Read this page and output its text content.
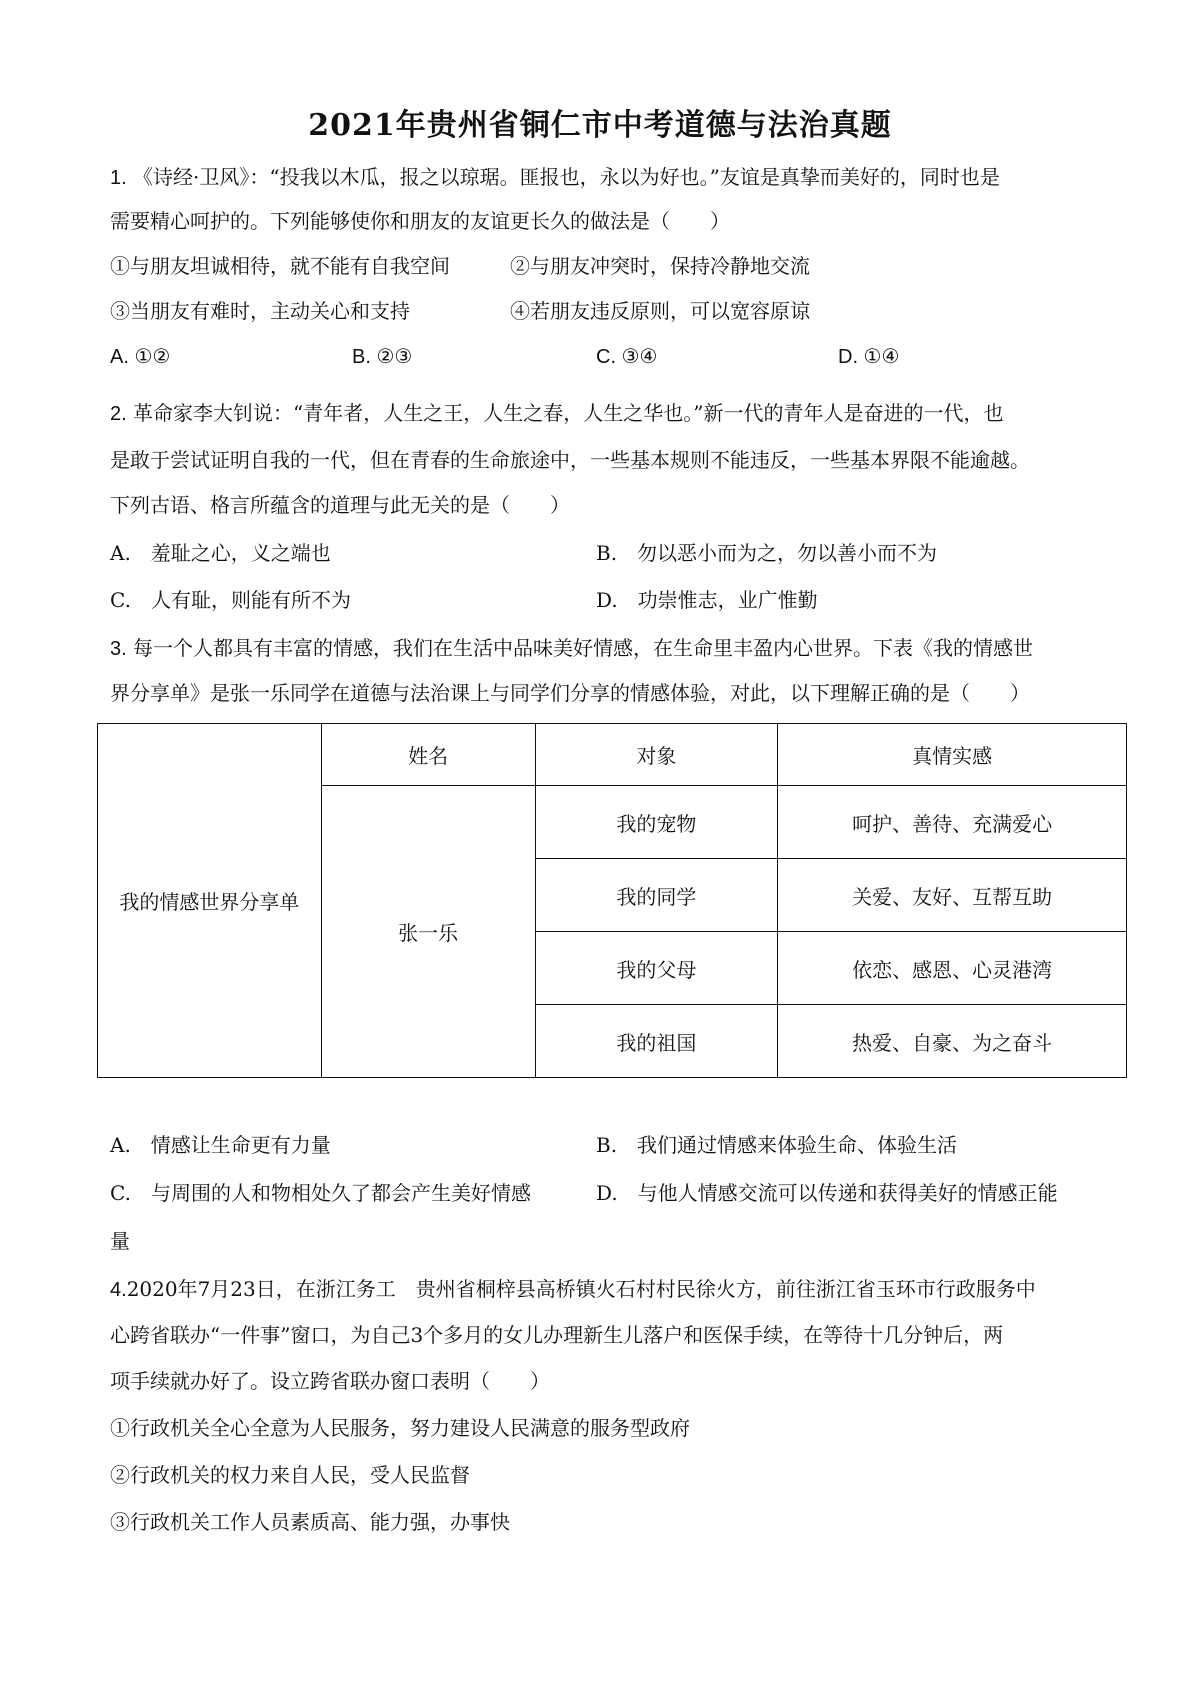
2021年贵州省铜仁市中考道德与法治真题
1. 《诗经·卫风》：“投我以木瓜，报之以琼琚。匪报也，永以为好也。”友谊是真挚而美好的，同时也是
需要精心呵护的。下列能够使你和朋友的友谊更长久的做法是（　　）
①与朋友坦诚相待，就不能有自我空间	②与朋友冲突时，保持冷静地交流
③当朋友有难时，主动关心和支持	④若朋友违反原则，可以宽容原谅
A. ①②	B. ②③	C. ③④	D. ①④
2. 革命家李大钊说：“青年者，人生之王，人生之春，人生之华也。”新一代的青年人是奋进的一代，也
是敢于尝试证明自我的一代，但在青春的生命旅途中，一些基本规则不能违反，一些基本界限不能逾越。
下列古语、格言所蕴含的道理与此无关的是（　　）
A.　羞耻之心，义之端也	B.　勿以恶小而为之，勿以善小而不为
C.　人有耻，则能有所不为	D.　功崇惟志，业广惟勤
3. 每一个人都具有丰富的情感，我们在生活中品味美好情感，在生命里丰盈内心世界。下表《我的情感世
界分享单》是张一乐同学在道德与法治课上与同学们分享的情感体验，对此，以下理解正确的是（　　）
我的情感世界分享单	姓名	对象	真情实感
	张一乐	我的宠物	呵护、善待、充满爱心
		我的同学	关爱、友好、互帮互助
		我的父母	依恋、感恩、心灵港湾
		我的祖国	热爱、自豪、为之奋斗
A.　情感让生命更有力量	B.　我们通过情感来体验生命、体验生活
C.　与周围的人和物相处久了都会产生美好情感	D.　与他人情感交流可以传递和获得美好的情感正能
量
4.2020年7月23日，在浙江务工　贵州省桐梓县高桥镇火石村村民徐火方，前往浙江省玉环市行政服务中
心跨省联办“一件事”窗口，为自己3个多月的女儿办理新生儿落户和医保手续，在等待十几分钟后，两
项手续就办好了。设立跨省联办窗口表明（　　）
①行政机关全心全意为人民服务，努力建设人民满意的服务型政府
②行政机关的权力来自人民，受人民监督
③行政机关工作人员素质高、能力强，办事快
